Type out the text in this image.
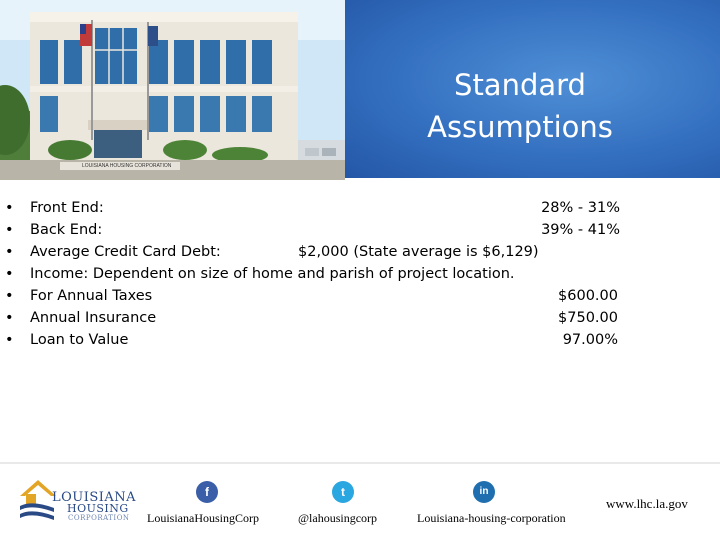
LOUISIANA HOUSING CORPORATION
Standard
Assumptions
• Front End:	28% - 31%
• Back End:	39% - 41%
• Average Credit Card Debt:	$2,000 (State average is $6,129)
• Income: Dependent on size of home and parish of project location.
• For Annual Taxes	$600.00
• Annual Insurance	$750.00
• Loan to Value	97.00%
LOUISIANA
HOUSING
CORPORATION
f
LouisianaHousingCorp
t
@lahousingcorp
in
Louisiana-housing-corporation
www.lhc.la.gov
